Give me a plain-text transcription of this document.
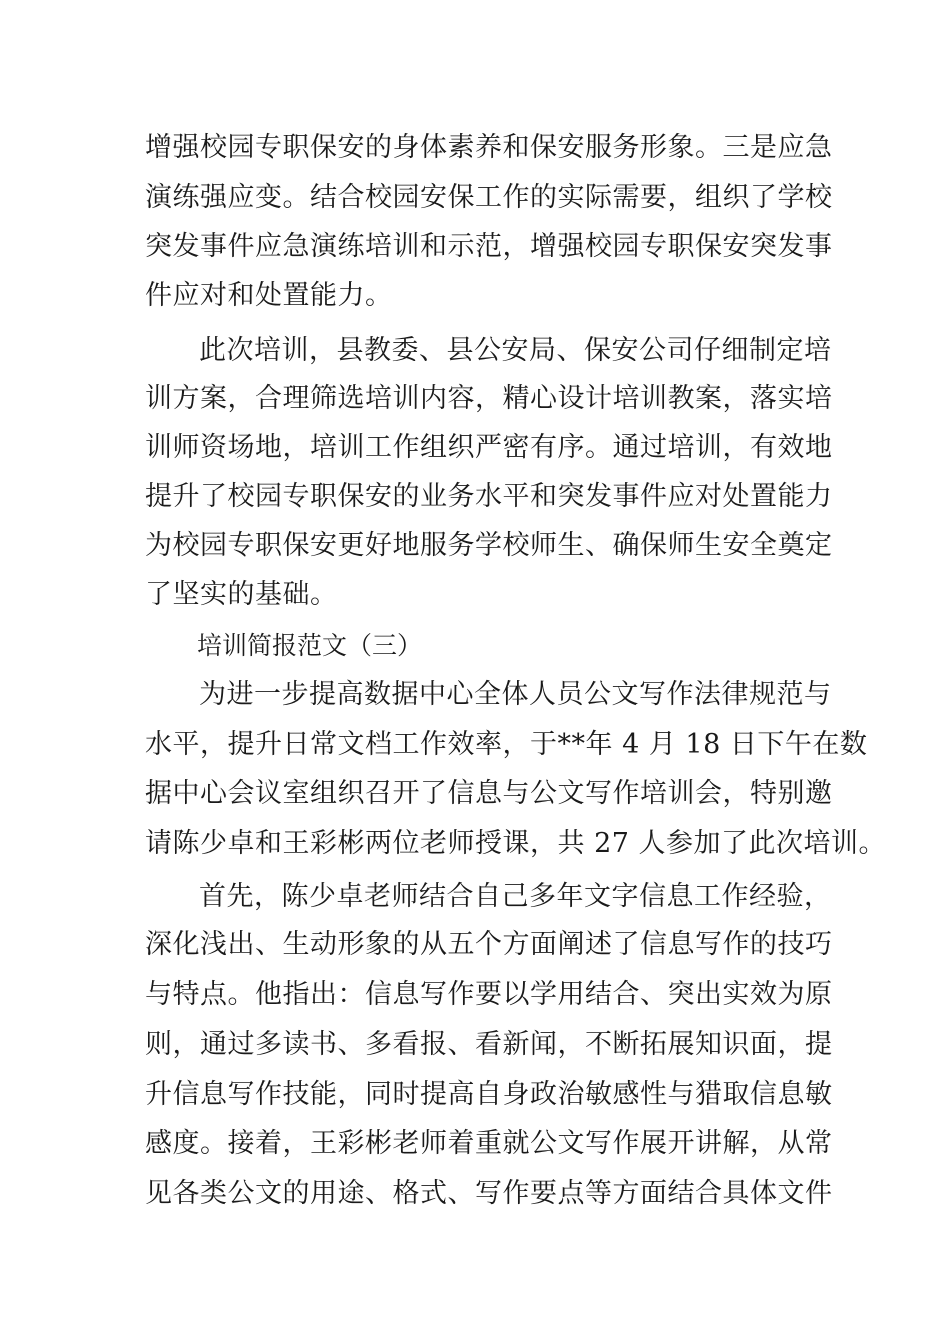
增强校园专职保安的身体素养和保安服务形象。三是应急
演练强应变。结合校园安保工作的实际需要，组织了学校
突发事件应急演练培训和示范，增强校园专职保安突发事
件应对和处置能力。
此次培训，县教委、县公安局、保安公司仔细制定培
训方案，合理筛选培训内容，精心设计培训教案，落实培
训师资场地，培训工作组织严密有序。通过培训，有效地
提升了校园专职保安的业务水平和突发事件应对处置能力
为校园专职保安更好地服务学校师生、确保师生安全奠定
了坚实的基础。
培训简报范文（三）
为进一步提高数据中心全体人员公文写作法律规范与
水平，提升日常文档工作效率，于**年 4 月 18 日下午在数
据中心会议室组织召开了信息与公文写作培训会，特别邀
请陈少卓和王彩彬两位老师授课，共 27 人参加了此次培训。
首先，陈少卓老师结合自己多年文字信息工作经验，
深化浅出、生动形象的从五个方面阐述了信息写作的技巧
与特点。他指出：信息写作要以学用结合、突出实效为原
则，通过多读书、多看报、看新闻，不断拓展知识面，提
升信息写作技能，同时提高自身政治敏感性与猎取信息敏
感度。接着，王彩彬老师着重就公文写作展开讲解，从常
见各类公文的用途、格式、写作要点等方面结合具体文件
